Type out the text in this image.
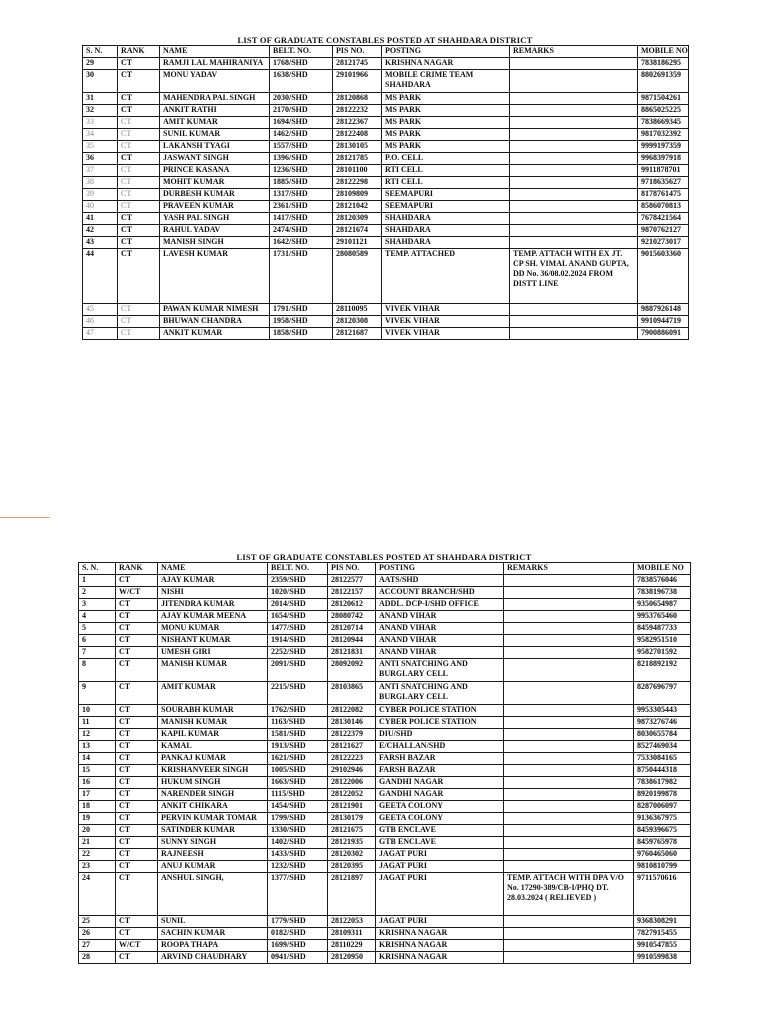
LIST OF GRADUATE CONSTABLES POSTED AT SHAHDARA DISTRICT
S. N.	RANK	NAME	BELT. NO.	PIS NO.	POSTING	REMARKS	MOBILE NO
29	CT	RAMJI LAL MAHIRANIYA	1768/SHD	28121745	KRISHNA NAGAR		7838186295
30	CT	MONU YADAV	1638/SHD	29101966	MOBILE CRIME TEAM SHAHDARA		8802691359
31	CT	MAHENDRA PAL SINGH	2030/SHD	28120868	MS PARK		9871504261
32	CT	ANKIT RATHI	2170/SHD	28122232	MS PARK		8865025225
33	CT	AMIT KUMAR	1694/SHD	28122367	MS PARK		7838669345
34	CT	SUNIL KUMAR	1462/SHD	28122408	MS PARK		9817032392
35	CT	LAKANSH TYAGI	1557/SHD	28130105	MS PARK		9999197359
36	CT	JASWANT SINGH	1396/SHD	28121785	P.O. CELL		9968397918
37	CT	PRINCE KASANA	1236/SHD	28101100	RTI CELL		9911878701
38	CT	MOHIT KUMAR	1885/SHD	28122298	RTI CELL		9718635627
39	CT	DURBESH KUMAR	1317/SHD	28109809	SEEMAPURI		8178761475
40	CT	PRAVEEN KUMAR	2361/SHD	28121042	SEEMAPURI		8586070813
41	CT	YASH PAL SINGH	1417/SHD	28120309	SHAHDARA		7678421564
42	CT	RAHUL YADAV	2474/SHD	28121674	SHAHDARA		9870762127
43	CT	MANISH SINGH	1642/SHD	29101121	SHAHDARA		9210273017
44	CT	LAVESH KUMAR	1731/SHD	28080589	TEMP. ATTACHED	TEMP. ATTACH WITH EX JT. CP SH. VIMAL ANAND GUPTA, DD No. 36/08.02.2024 FROM DISTT LINE	9015603360
45	CT	PAWAN KUMAR NIMESH	1791/SHD	28110095	VIVEK VIHAR		9887926148
46	CT	BHUWAN CHANDRA	1958/SHD	28120308	VIVEK VIHAR		9910944719
47	CT	ANKIT KUMAR	1858/SHD	28121687	VIVEK VIHAR		7900886091
LIST OF GRADUATE CONSTABLES POSTED AT SHAHDARA DISTRICT
S. N.	RANK	NAME	BELT. NO.	PIS NO.	POSTING	REMARKS	MOBILE NO
1	CT	AJAY KUMAR	2359/SHD	28122577	AATS/SHD		7838576046
2	W/CT	NISHI	1020/SHD	28122157	ACCOUNT BRANCH/SHD		7838196738
3	CT	JITENDRA KUMAR	2014/SHD	28120612	ADDL. DCP-I/SHD OFFICE		9350654987
4	CT	AJAY KUMAR MEENA	1654/SHD	28080742	ANAND VIHAR		9953765460
5	CT	MONU KUMAR	1477/SHD	28120714	ANAND VIHAR		8459487733
6	CT	NISHANT KUMAR	1914/SHD	28120944	ANAND VIHAR		9582951510
7	CT	UMESH GIRI	2252/SHD	28121831	ANAND VIHAR		9582701592
8	CT	MANISH KUMAR	2091/SHD	28092092	ANTI SNATCHING AND BURGLARY CELL		8218892192
9	CT	AMIT KUMAR	2215/SHD	28103865	ANTI SNATCHING AND BURGLARY CELL		8287696797
10	CT	SOURABH KUMAR	1762/SHD	28122082	CYBER POLICE STATION		9953305443
11	CT	MANISH KUMAR	1163/SHD	28130146	CYBER POLICE STATION		9873276746
12	CT	KAPIL KUMAR	1581/SHD	28122379	DIU/SHD		8030655784
13	CT	KAMAL	1913/SHD	28121627	E/CHALLAN/SHD		8527469034
14	CT	PANKAJ KUMAR	1621/SHD	28122223	FARSH BAZAR		7533084165
15	CT	KRISHANVEER SINGH	1005/SHD	29102946	FARSH BAZAR		8750444318
16	CT	HUKUM SINGH	1663/SHD	28122006	GANDHI NAGAR		7838617982
17	CT	NARENDER SINGH	1115/SHD	28122052	GANDHI NAGAR		8920199878
18	CT	ANKIT CHIKARA	1454/SHD	28121901	GEETA COLONY		8287006097
19	CT	PERVIN KUMAR TOMAR	1799/SHD	28130179	GEETA COLONY		9136367975
20	CT	SATINDER KUMAR	1330/SHD	28121675	GTB ENCLAVE		8459396675
21	CT	SUNNY SINGH	1402/SHD	28121935	GTB ENCLAVE		8459765978
22	CT	RAJNEESH	1433/SHD	28120302	JAGAT PURI		9760465060
23	CT	ANUJ KUMAR	1232/SHD	28120395	JAGAT PURI		9810810799
24	CT	ANSHUL SINGH,	1377/SHD	28121897	JAGAT PURI	TEMP. ATTACH WITH DPA V/O No. 17290-389/CB-I/PHQ DT. 28.03.2024 ( RELIEVED )	9711570616
25	CT	SUNIL	1779/SHD	28122053	JAGAT PURI		9368308291
26	CT	SACHIN KUMAR	0182/SHD	28109311	KRISHNA NAGAR		7827915455
27	W/CT	ROOPA THAPA	1699/SHD	28110229	KRISHNA NAGAR		9910547855
28	CT	ARVIND CHAUDHARY	0941/SHD	28120950	KRISHNA NAGAR		9910599838
